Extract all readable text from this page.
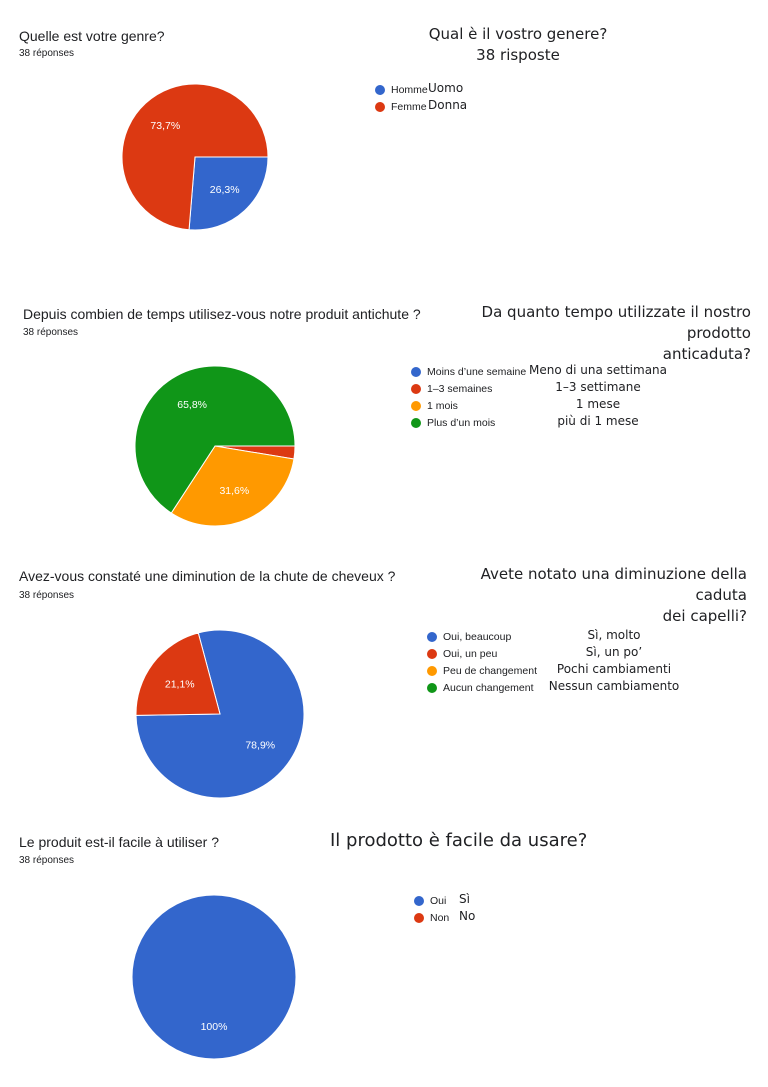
Quelle est votre genre?
38 réponses
Qual è il vostro genere?
38 risposte
26,3%
73,7%
31,6%
65,8%
78,9%
21,1%
100%
Homme Uomo
Femme Donna
Depuis combien de temps utilisez-vous notre produit antichute ?
38 réponses
Da quanto tempo utilizzate il nostro prodotto
anticaduta?
Moins d’une semaine Meno di una settimana
1–3 semaines	1–3 settimane
1 mois	1 mese
Plus d’un mois	più di 1 mese
Avez-vous constaté une diminution de la chute de cheveux ?
38 réponses
Avete notato una diminuzione della caduta
dei capelli?
Oui, beaucoup	Sì, molto
Oui, un peu	Sì, un po’
Peu de changement	Pochi cambiamenti
Aucun changement	Nessun cambiamento
Le produit est-il facile à utiliser ?
38 réponses
Il prodotto è facile da usare?
Oui Sì
Non No
